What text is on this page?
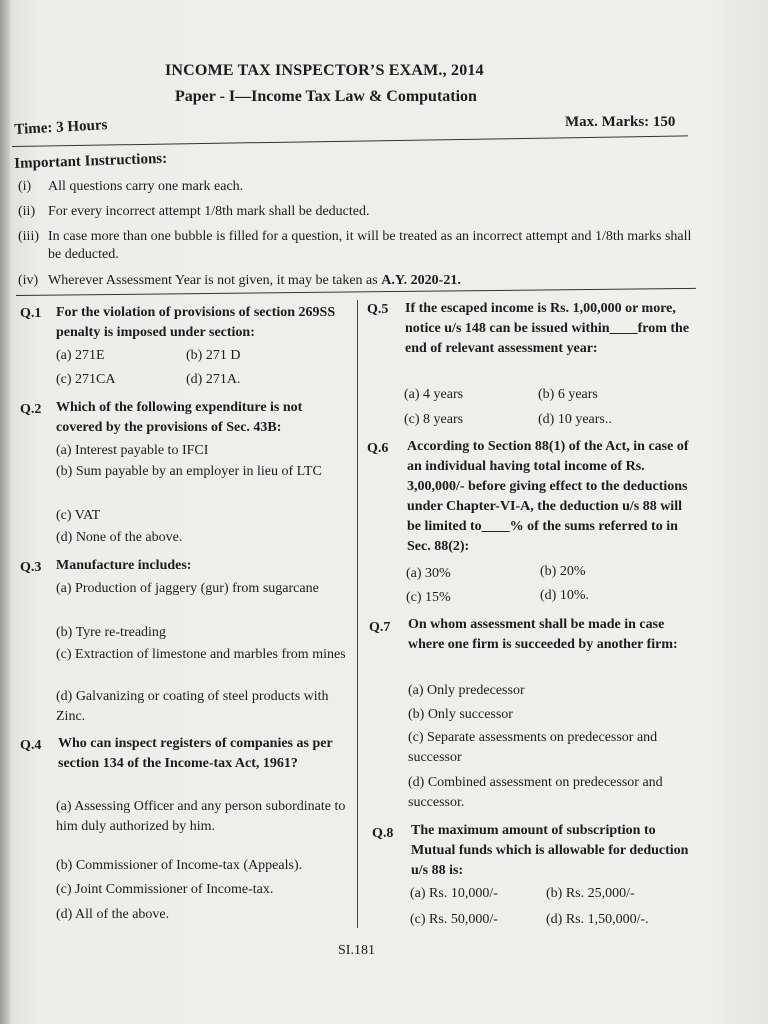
INCOME TAX INSPECTOR’S EXAM., 2014
Paper - I—Income Tax Law & Computation
Time: 3 Hours	Max. Marks: 150
Important Instructions:
(i) All questions carry one mark each.
(ii) For every incorrect attempt 1/8th mark shall be deducted.
(iii) In case more than one bubble is filled for a question, it will be treated as an incorrect attempt and 1/8th marks shall be deducted.
(iv) Wherever Assessment Year is not given, it may be taken as A.Y. 2020-21.
Q.1 For the violation of provisions of section 269SS penalty is imposed under section:
(a) 271E	(b) 271 D
(c) 271CA	(d) 271A.
Q.2 Which of the following expenditure is not covered by the provisions of Sec. 43B:
(a) Interest payable to IFCI
(b) Sum payable by an employer in lieu of LTC
(c) VAT
(d) None of the above.
Q.3 Manufacture includes:
(a) Production of jaggery (gur) from sugarcane
(b) Tyre re-treading
(c) Extraction of limestone and marbles from mines
(d) Galvanizing or coating of steel products with Zinc.
Q.4 Who can inspect registers of companies as per section 134 of the Income-tax Act, 1961?
(a) Assessing Officer and any person subordinate to him duly authorized by him.
(b) Commissioner of Income-tax (Appeals).
(c) Joint Commissioner of Income-tax.
(d) All of the above.
Q.5 If the escaped income is Rs. 1,00,000 or more, notice u/s 148 can be issued within____from the end of relevant assessment year:
(a) 4 years	(b) 6 years
(c) 8 years	(d) 10 years..
Q.6 According to Section 88(1) of the Act, in case of an individual having total income of Rs. 3,00,000/- before giving effect to the deductions under Chapter-VI-A, the deduction u/s 88 will be limited to____% of the sums referred to in Sec. 88(2):
(a) 30%	(b) 20%
(c) 15%	(d) 10%.
Q.7 On whom assessment shall be made in case where one firm is succeeded by another firm:
(a) Only predecessor
(b) Only successor
(c) Separate assessments on predecessor and successor
(d) Combined assessment on predecessor and successor.
Q.8 The maximum amount of subscription to Mutual funds which is allowable for deduction u/s 88 is:
(a) Rs. 10,000/-	(b) Rs. 25,000/-
(c) Rs. 50,000/-	(d) Rs. 1,50,000/-.
SI.181
